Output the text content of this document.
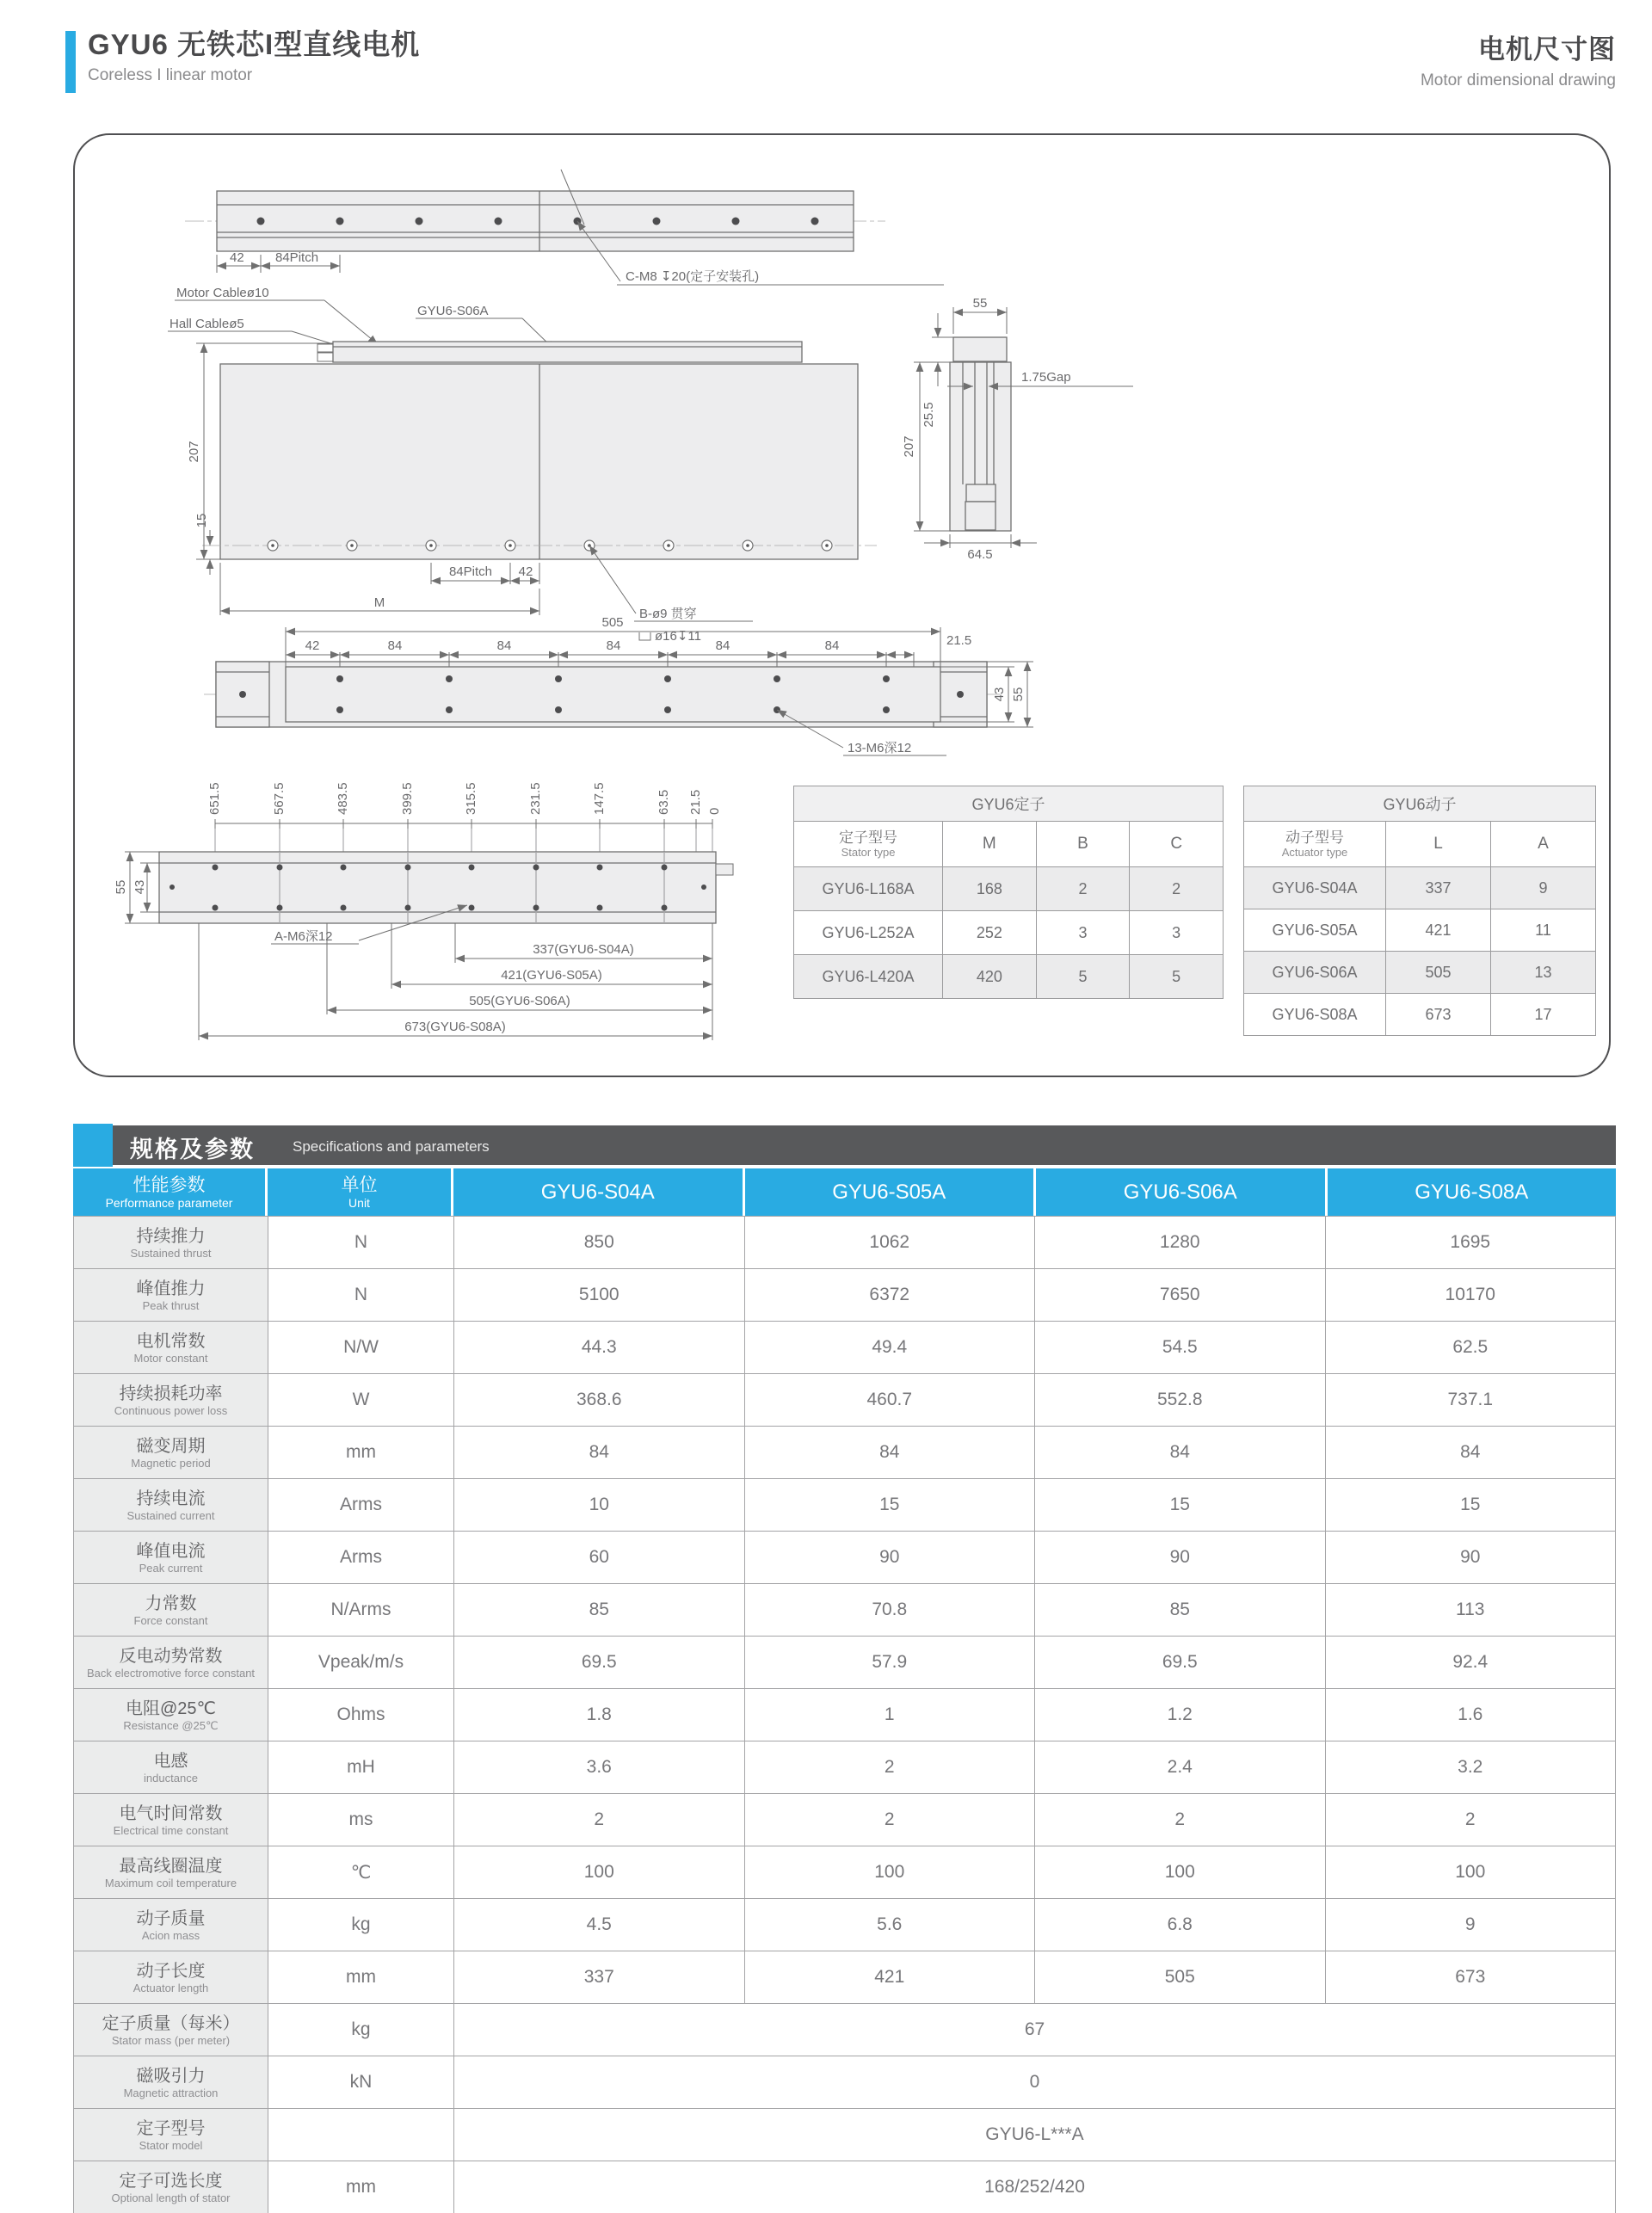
GYU6 无铁芯I型直线电机
Coreless I linear motor
电机尺寸图
Motor dimensional drawing
42 84Pitch
C-M8 ↧20(定子安装孔)
Motor Cableø10
Hall Cableø5
GYU6-S06A
207
15
84Pitch 42
M
B-ø9 贯穿
ø16↧11
55
25.5
207
1.75Gap
64.5
505
42	84	84	84	84	84	21.5
43 55
13-M6深12
651.5	567.5	483.5	399.5	315.5	231.5	147.5	63.5 21.5 0
55 43
A-M6深12
337(GYU6-S04A)
421(GYU6-S05A)
505(GYU6-S06A)
673(GYU6-S08A)
GYU6定子
定子型号
Stator type	M	B	C
GYU6-L168A	168	2	2
GYU6-L252A	252	3	3
GYU6-L420A	420	5	5
GYU6动子
动子型号
Actuator type	L	A
GYU6-S04A	337	9
GYU6-S05A	421	11
GYU6-S06A	505	13
GYU6-S08A	673	17
规格及参数	Specifications and parameters
性能参数
Performance parameter
单位
Unit	GYU6-S04A	GYU6-S05A	GYU6-S06A	GYU6-S08A
持续推力
Sustained thrust
N	850	1062	1280	1695
峰值推力
Peak thrust
N	5100	6372	7650	10170
电机常数
Motor constant
N/W	44.3	49.4	54.5	62.5
持续损耗功率
Continuous power loss
W	368.6	460.7	552.8	737.1
磁变周期
Magnetic period
mm	84	84	84	84
持续电流
Sustained current
Arms	10	15	15	15
峰值电流
Peak current
Arms	60	90	90	90
力常数
Force constant
N/Arms	85	70.8	85	113
反电动势常数
Back electromotive force constant
Vpeak/m/s	69.5	57.9	69.5	92.4
电阻@25℃
Resistance @25℃
Ohms	1.8	1	1.2	1.6
电感
inductance
mH	3.6	2	2.4	3.2
电气时间常数
Electrical time constant
ms	2	2	2	2
最高线圈温度
Maximum coil temperature
℃	100	100	100	100
动子质量
Acion mass
kg	4.5	5.6	6.8	9
动子长度
Actuator length
mm	337	421	505	673
定子质量（每米）
Stator mass (per meter)
kg	67
磁吸引力
Magnetic attraction
kN	0
定子型号
Stator model
GYU6-L***A
定子可选长度
Optional length of stator
mm	168/252/420
